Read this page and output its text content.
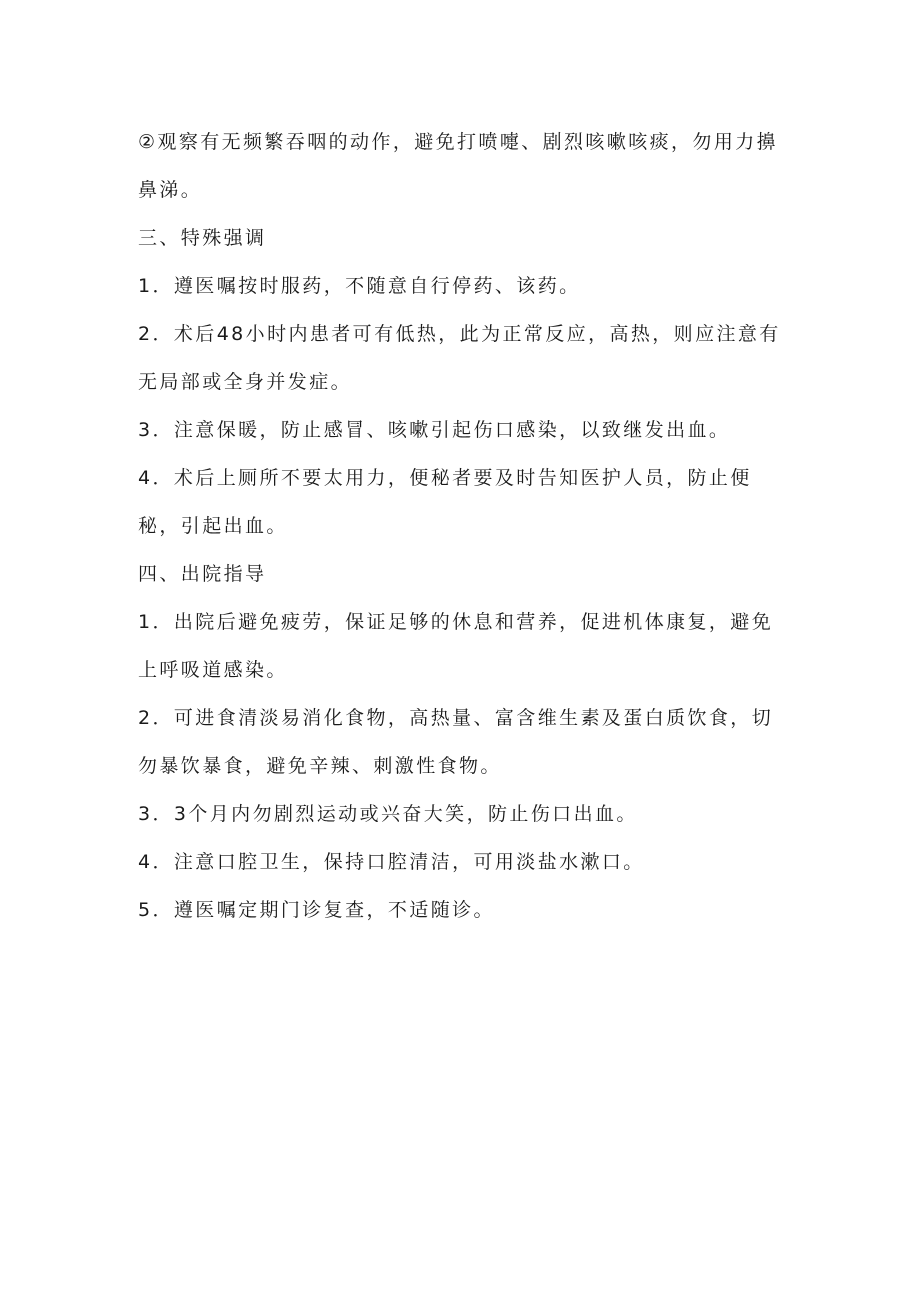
②观察有无频繁吞咽的动作，避免打喷嚏、剧烈咳嗽咳痰，勿用力擤鼻涕。

三、特殊强调

1．遵医嘱按时服药，不随意自行停药、该药。

2．术后48小时内患者可有低热，此为正常反应，高热，则应注意有无局部或全身并发症。

3．注意保暖，防止感冒、咳嗽引起伤口感染，以致继发出血。

4．术后上厕所不要太用力，便秘者要及时告知医护人员，防止便秘，引起出血。

四、出院指导

1．出院后避免疲劳，保证足够的休息和营养，促进机体康复，避免上呼吸道感染。

2．可进食清淡易消化食物，高热量、富含维生素及蛋白质饮食，切勿暴饮暴食，避免辛辣、刺激性食物。

3．3个月内勿剧烈运动或兴奋大笑，防止伤口出血。

4．注意口腔卫生，保持口腔清洁，可用淡盐水漱口。

5．遵医嘱定期门诊复查，不适随诊。
